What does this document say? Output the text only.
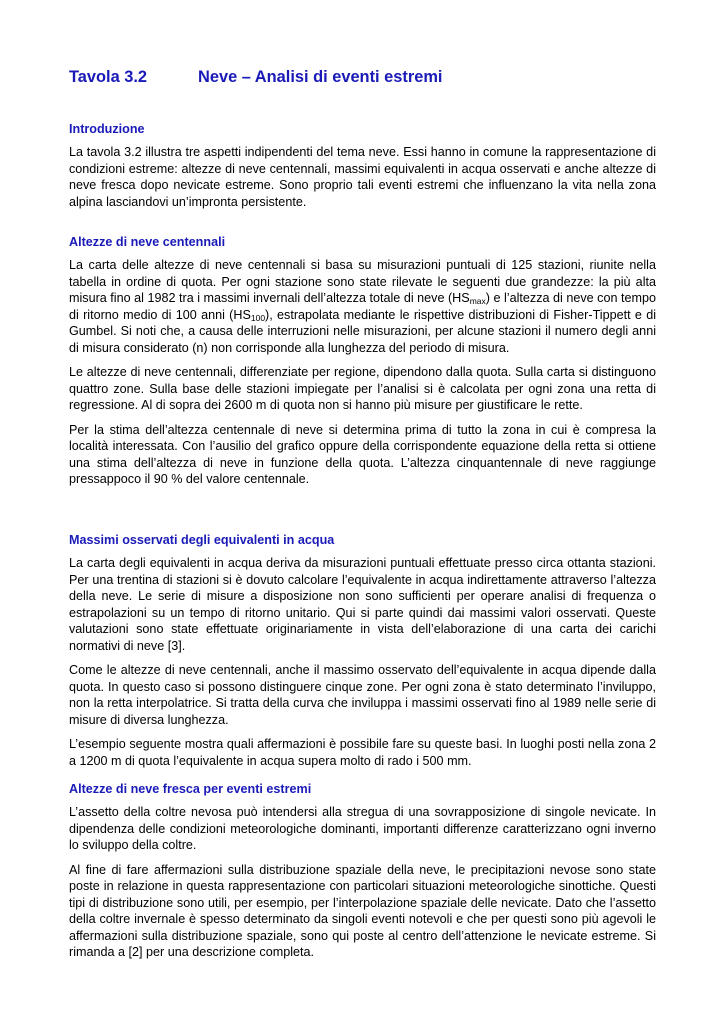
Tavola 3.2	Neve – Analisi di eventi estremi
Introduzione

La tavola 3.2 illustra tre aspetti indipendenti del tema neve. Essi hanno in comune la rappresentazione di condizioni estreme: altezze di neve centennali, massimi equivalenti in acqua osservati e anche altezze di neve fresca dopo nevicate estreme. Sono proprio tali eventi estremi che influenzano la vita nella zona alpina lasciandovi un’impronta persistente.

Altezze di neve centennali

La carta delle altezze di neve centennali si basa su misurazioni puntuali di 125 stazioni, riunite nella tabella in ordine di quota. Per ogni stazione sono state rilevate le seguenti due grandezze: la più alta misura fino al 1982 tra i massimi invernali dell’altezza totale di neve $(HS_{max})$ e l’altezza di neve con tempo di ritorno medio di 100 anni $(HS_{100})$, estrapolata mediante le rispettive distribuzioni di Fisher-Tippett e di Gumbel. Si noti che, a causa delle interruzioni nelle misurazioni, per alcune stazioni il numero degli anni di misura considerato (n) non corrisponde alla lunghezza del periodo di misura.

Le altezze di neve centennali, differenziate per regione, dipendono dalla quota. Sulla carta si distinguono quattro zone. Sulla base delle stazioni impiegate per l’analisi si è calcolata per ogni zona una retta di regressione. Al di sopra dei 2600 m di quota non si hanno più misure per giustificare le rette.

Per la stima dell’altezza centennale di neve si determina prima di tutto la zona in cui è compresa la località interessata. Con l’ausilio del grafico oppure della corrispondente equazione della retta si ottiene una stima dell’altezza di neve in funzione della quota. L’altezza cinquantennale di neve raggiunge pressappoco il 90 % del valore centennale.

Massimi osservati degli equivalenti in acqua

La carta degli equivalenti in acqua deriva da misurazioni puntuali effettuate presso circa ottanta stazioni. Per una trentina di stazioni si è dovuto calcolare l’equivalente in acqua indirettamente attraverso l’altezza della neve. Le serie di misure a disposizione non sono sufficienti per operare analisi di frequenza o estrapolazioni su un tempo di ritorno unitario. Qui si parte quindi dai massimi valori osservati. Queste valutazioni sono state effettuate originariamente in vista dell’elaborazione di una carta dei carichi normativi di neve [3].

Come le altezze di neve centennali, anche il massimo osservato dell’equivalente in acqua dipende dalla quota. In questo caso si possono distinguere cinque zone. Per ogni zona è stato determinato l’inviluppo, non la retta interpolatrice. Si tratta della curva che inviluppa i massimi osservati fino al 1989 nelle serie di misure di diversa lunghezza.

L’esempio seguente mostra quali affermazioni è possibile fare su queste basi. In luoghi posti nella zona 2 a 1200 m di quota l’equivalente in acqua supera molto di rado i 500 mm.

Altezze di neve fresca per eventi estremi

L’assetto della coltre nevosa può intendersi alla stregua di una sovrapposizione di singole nevicate. In dipendenza delle condizioni meteorologiche dominanti, importanti differenze caratterizzano ogni inverno lo sviluppo della coltre.

Al fine di fare affermazioni sulla distribuzione spaziale della neve, le precipitazioni nevose sono state poste in relazione in questa rappresentazione con particolari situazioni meteorologiche sinottiche. Questi tipi di distribuzione sono utili, per esempio, per l’interpolazione spaziale delle nevicate. Dato che l’assetto della coltre invernale è spesso determinato da singoli eventi notevoli e che per questi sono più agevoli le affermazioni sulla distribuzione spaziale, sono qui poste al centro dell’attenzione le nevicate estreme. Si rimanda a [2] per una descrizione completa.
